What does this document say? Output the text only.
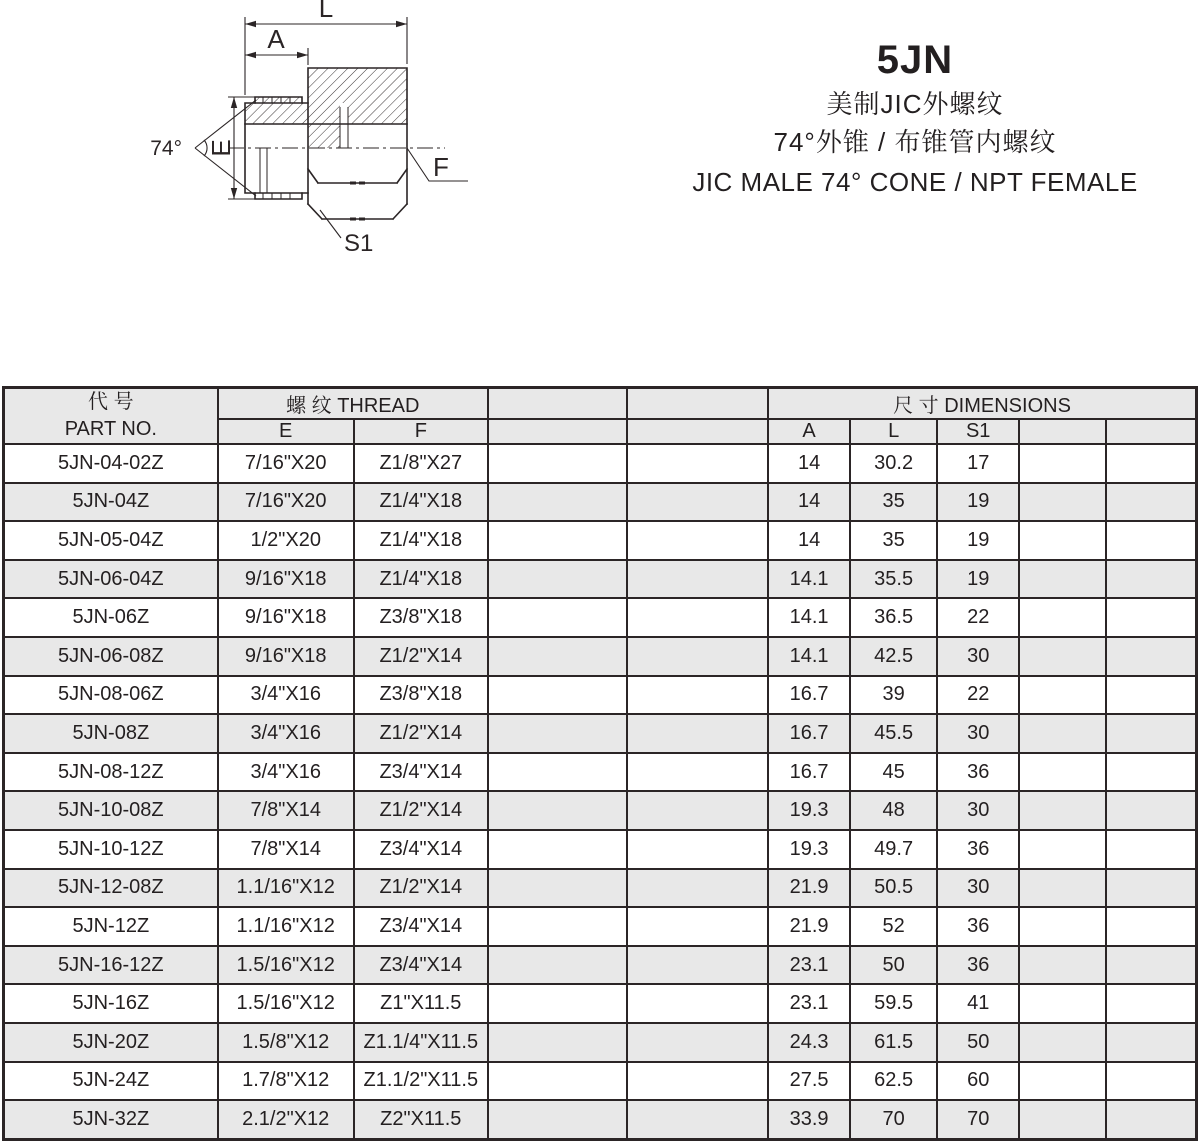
L
A
E
F
S1
74°
5JN
美制JIC外螺纹
74°外锥 / 布锥管内螺纹
JIC MALE 74° CONE / NPT FEMALE
代 号
PART NO.	螺 纹 THREAD				尺 寸 DIMENSIONS				
	E	F			A	L	S1		
5JN-04-02Z	7/16"X20	Z1/8"X27			14	30.2	17		
5JN-04Z	7/16"X20	Z1/4"X18			14	35	19		
5JN-05-04Z	1/2"X20	Z1/4"X18			14	35	19		
5JN-06-04Z	9/16"X18	Z1/4"X18			14.1	35.5	19		
5JN-06Z	9/16"X18	Z3/8"X18			14.1	36.5	22		
5JN-06-08Z	9/16"X18	Z1/2"X14			14.1	42.5	30		
5JN-08-06Z	3/4"X16	Z3/8"X18			16.7	39	22		
5JN-08Z	3/4"X16	Z1/2"X14			16.7	45.5	30		
5JN-08-12Z	3/4"X16	Z3/4"X14			16.7	45	36		
5JN-10-08Z	7/8"X14	Z1/2"X14			19.3	48	30		
5JN-10-12Z	7/8"X14	Z3/4"X14			19.3	49.7	36		
5JN-12-08Z	1.1/16"X12	Z1/2"X14			21.9	50.5	30		
5JN-12Z	1.1/16"X12	Z3/4"X14			21.9	52	36		
5JN-16-12Z	1.5/16"X12	Z3/4"X14			23.1	50	36		
5JN-16Z	1.5/16"X12	Z1"X11.5			23.1	59.5	41		
5JN-20Z	1.5/8"X12	Z1.1/4"X11.5			24.3	61.5	50		
5JN-24Z	1.7/8"X12	Z1.1/2"X11.5			27.5	62.5	60		
5JN-32Z	2.1/2"X12	Z2"X11.5			33.9	70	70		
